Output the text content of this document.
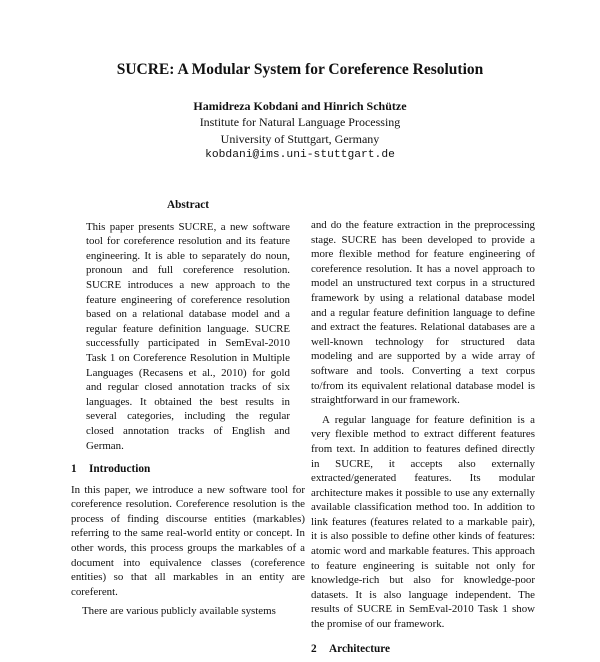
SUCRE: A Modular System for Coreference Resolution
Hamidreza Kobdani and Hinrich Schütze
Institute for Natural Language Processing
University of Stuttgart, Germany
kobdani@ims.uni-stuttgart.de
Abstract

This paper presents SUCRE, a new software tool for coreference resolution and its feature engineering. It is able to separately do noun, pronoun and full coreference resolution. SUCRE introduces a new approach to the feature engineering of coreference resolution based on a relational database model and a regular feature definition language. SUCRE successfully participated in SemEval-2010 Task 1 on Coreference Resolution in Multiple Languages (Recasens et al., 2010) for gold and regular closed annotation tracks of six languages. It obtained the best results in several categories, including the regular closed annotation tracks of English and German.

1 Introduction

In this paper, we introduce a new software tool for coreference resolution. Coreference resolution is the process of finding discourse entities (markables) referring to the same real-world entity or concept. In other words, this process groups the markables of a document into equivalence classes (coreference entities) so that all markables in an entity are coreferent.

There are various publicly available systems

and do the feature extraction in the preprocessing stage. SUCRE has been developed to provide a more flexible method for feature engineering of coreference resolution. It has a novel approach to model an unstructured text corpus in a structured framework by using a relational database model and a regular feature definition language to define and extract the features. Relational databases are a well-known technology for structured data modeling and are supported by a wide array of software and tools. Converting a text corpus to/from its equivalent relational database model is straightforward in our framework.

A regular language for feature definition is a very flexible method to extract different features from text. In addition to features defined directly in SUCRE, it accepts also externally extracted/generated features. Its modular architecture makes it possible to use any externally available classification method too. In addition to link features (features related to a markable pair), it is also possible to define other kinds of features: atomic word and markable features. This approach to feature engineering is suitable not only for knowledge-rich but also for knowledge-poor datasets. It is also language independent. The results of SUCRE in SemEval-2010 Task 1 show the promise of our framework.

2 Architecture
